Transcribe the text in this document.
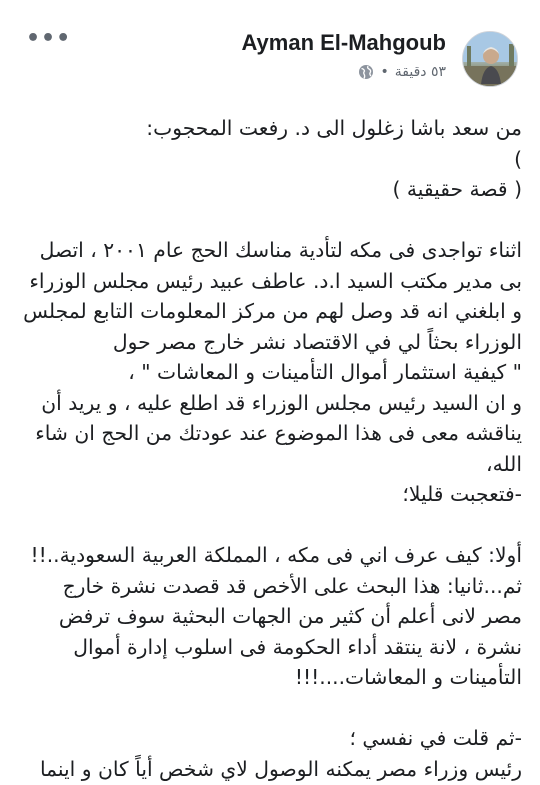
•••	Ayman El-Mahgoub
٥٣ دقيقة
•
من سعد باشا زغلول الى د. رفعت المحجوب:
)
( قصة حقيقية )
اثناء تواجدى فى مكه لتأدية مناسك الحج عام ٢٠٠١ ، اتصل
بى مدير مكتب السيد ا.د. عاطف عبيد رئيس مجلس الوزراء
و ابلغني انه قد وصل لهم من مركز المعلومات التابع لمجلس
الوزراء بحثاً لي في الاقتصاد نشر خارج مصر حول
" كيفية استثمار أموال التأمينات و المعاشات " ،
و ان السيد رئيس مجلس الوزراء قد اطلع عليه ، و يريد أن
يناقشه معى فى هذا الموضوع عند عودتك من الحج ان شاء
الله،
-فتعجبت قليلا؛
أولا: كيف عرف اني فى مكه ، المملكة العربية السعودية..!!
ثم...ثانيا: هذا البحث على الأخص قد قصدت نشرة خارج
مصر لانى أعلم أن كثير من الجهات البحثية سوف ترفض
نشرة ، لانة ينتقد أداء الحكومة فى اسلوب إدارة أموال
التأمينات و المعاشات....!!!
-ثم قلت في نفسي ؛
رئيس وزراء مصر يمكنه الوصول لاي شخص أياً كان و اينما
